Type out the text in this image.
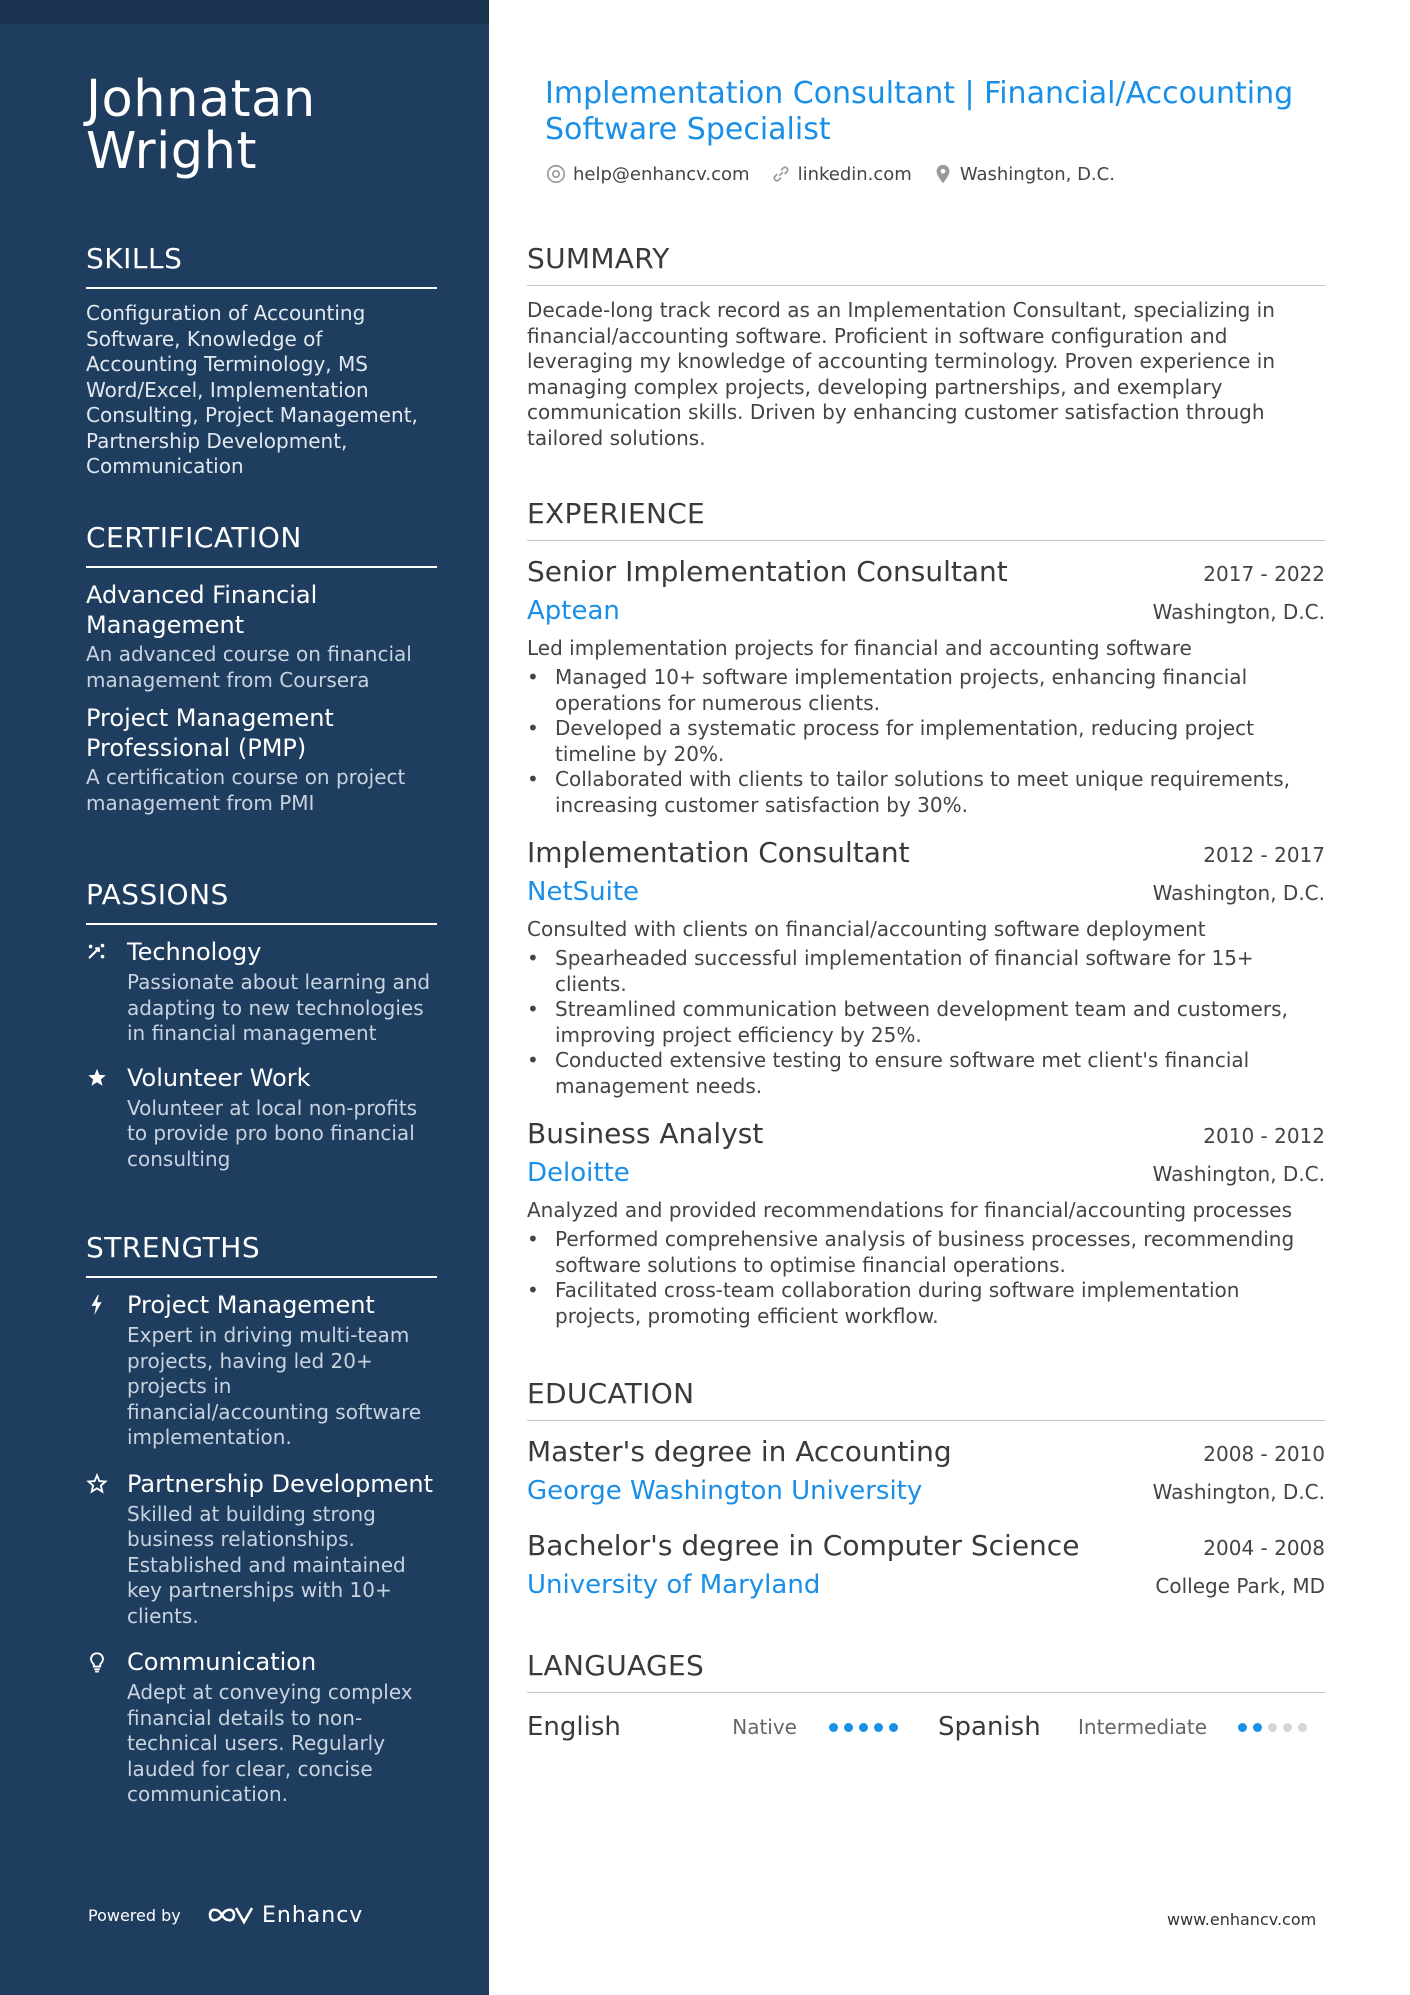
Johnatan Wright
SKILLS
Configuration of Accounting Software, Knowledge of Accounting Terminology, MS Word/Excel, Implementation Consulting, Project Management, Partnership Development, Communication
CERTIFICATION
Advanced Financial Management
An advanced course on financial management from Coursera
Project Management Professional (PMP)
A certification course on project management from PMI
PASSIONS
Technology
Passionate about learning and adapting to new technologies in financial management
Volunteer Work
Volunteer at local non-profits to provide pro bono financial consulting
STRENGTHS
Project Management
Expert in driving multi-team projects, having led 20+ projects in financial/accounting software implementation.
Partnership Development
Skilled at building strong business relationships. Established and maintained key partnerships with 10+ clients.
Communication
Adept at conveying complex financial details to non-technical users. Regularly lauded for clear, concise communication.
Powered by	Enhancv
Implementation Consultant | Financial/Accounting Software Specialist
help@enhancv.com	linkedin.com	Washington, D.C.
SUMMARY
Decade-long track record as an Implementation Consultant, specializing in financial/accounting software. Proficient in software configuration and leveraging my knowledge of accounting terminology. Proven experience in managing complex projects, developing partnerships, and exemplary communication skills. Driven by enhancing customer satisfaction through tailored solutions.
EXPERIENCE
Senior Implementation Consultant	2017 - 2022
Aptean	Washington, D.C.
Led implementation projects for financial and accounting software
• Managed 10+ software implementation projects, enhancing financial operations for numerous clients.
• Developed a systematic process for implementation, reducing project timeline by 20%.
• Collaborated with clients to tailor solutions to meet unique requirements, increasing customer satisfaction by 30%.
Implementation Consultant	2012 - 2017
NetSuite	Washington, D.C.
Consulted with clients on financial/accounting software deployment
• Spearheaded successful implementation of financial software for 15+ clients.
• Streamlined communication between development team and customers, improving project efficiency by 25%.
• Conducted extensive testing to ensure software met client's financial management needs.
Business Analyst	2010 - 2012
Deloitte	Washington, D.C.
Analyzed and provided recommendations for financial/accounting processes
• Performed comprehensive analysis of business processes, recommending software solutions to optimise financial operations.
• Facilitated cross-team collaboration during software implementation projects, promoting efficient workflow.
EDUCATION
Master's degree in Accounting	2008 - 2010
George Washington University	Washington, D.C.
Bachelor's degree in Computer Science	2004 - 2008
University of Maryland	College Park, MD
LANGUAGES
English	Native	Spanish	Intermediate
www.enhancv.com
